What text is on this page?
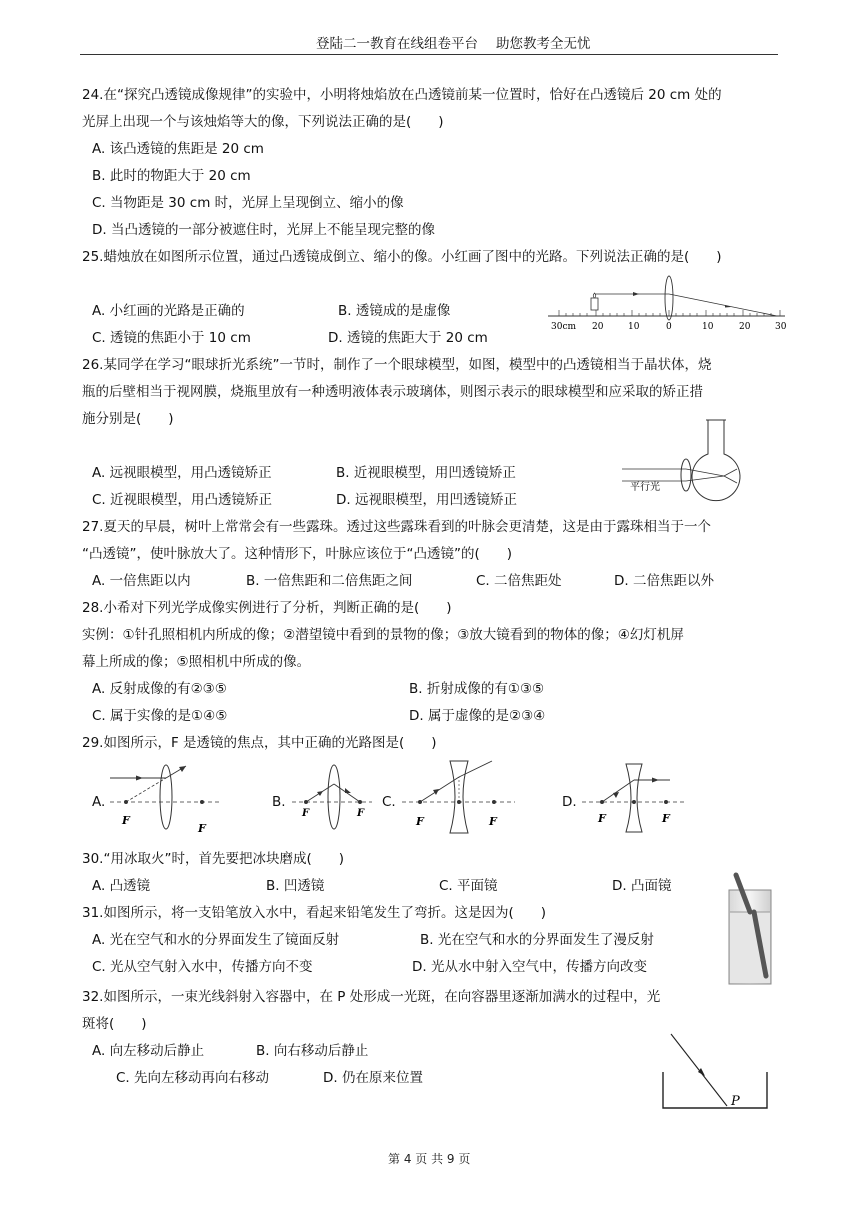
登陆二一教育在线组卷平台 助您教考全无忧
24.在“探究凸透镜成像规律”的实验中，小明将烛焰放在凸透镜前某一位置时，恰好在凸透镜后 20 cm 处的
光屏上出现一个与该烛焰等大的像，下列说法正确的是(　　)
A. 该凸透镜的焦距是 20 cm
B. 此时的物距大于 20 cm
C. 当物距是 30 cm 时，光屏上呈现倒立、缩小的像
D. 当凸透镜的一部分被遮住时，光屏上不能呈现完整的像
25.蜡烛放在如图所示位置，通过凸透镜成倒立、缩小的像。小红画了图中的光路。下列说法正确的是(　　)
A. 小红画的光路是正确的	B. 透镜成的是虚像
C. 透镜的焦距小于 10 cm	D. 透镜的焦距大于 20 cm
30cm 20	10	0	10	20	30
26.某同学在学习“眼球折光系统”一节时，制作了一个眼球模型，如图，模型中的凸透镜相当于晶状体，烧
瓶的后壁相当于视网膜，烧瓶里放有一种透明液体表示玻璃体，则图示表示的眼球模型和应采取的矫正措
施分别是(　　)
A. 远视眼模型，用凸透镜矫正	B. 近视眼模型，用凹透镜矫正
C. 近视眼模型，用凸透镜矫正	D. 远视眼模型，用凹透镜矫正
平行光
27.夏天的早晨，树叶上常常会有一些露珠。透过这些露珠看到的叶脉会更清楚，这是由于露珠相当于一个
“凸透镜”，使叶脉放大了。这种情形下，叶脉应该位于“凸透镜”的(　　)
A. 一倍焦距以内	B. 一倍焦距和二倍焦距之间	C. 二倍焦距处	D. 二倍焦距以外
28.小希对下列光学成像实例进行了分析，判断正确的是(　　)
实例：①针孔照相机内所成的像；②潜望镜中看到的景物的像；③放大镜看到的物体的像；④幻灯机屏
幕上所成的像；⑤照相机中所成的像。
A. 反射成像的有②③⑤	B. 折射成像的有①③⑤
C. 属于实像的是①④⑤	D. 属于虚像的是②③④
29.如图所示，F 是透镜的焦点，其中正确的光路图是(　　)
A.	B.	C.	D.
F
F
F	F
F	F	F	F
30.“用冰取火”时，首先要把冰块磨成(　　)
A. 凸透镜	B. 凹透镜	C. 平面镜	D. 凸面镜
31.如图所示，将一支铅笔放入水中，看起来铅笔发生了弯折。这是因为(　　)
A. 光在空气和水的分界面发生了镜面反射	B. 光在空气和水的分界面发生了漫反射
C. 光从空气射入水中，传播方向不变	D. 光从水中射入空气中，传播方向改变
32.如图所示，一束光线斜射入容器中，在 P 处形成一光斑，在向容器里逐渐加满水的过程中，光
斑将(　　)
A. 向左移动后静止	B. 向右移动后静止
C. 先向左移动再向右移动	D. 仍在原来位置
P
第 4 页 共 9 页
